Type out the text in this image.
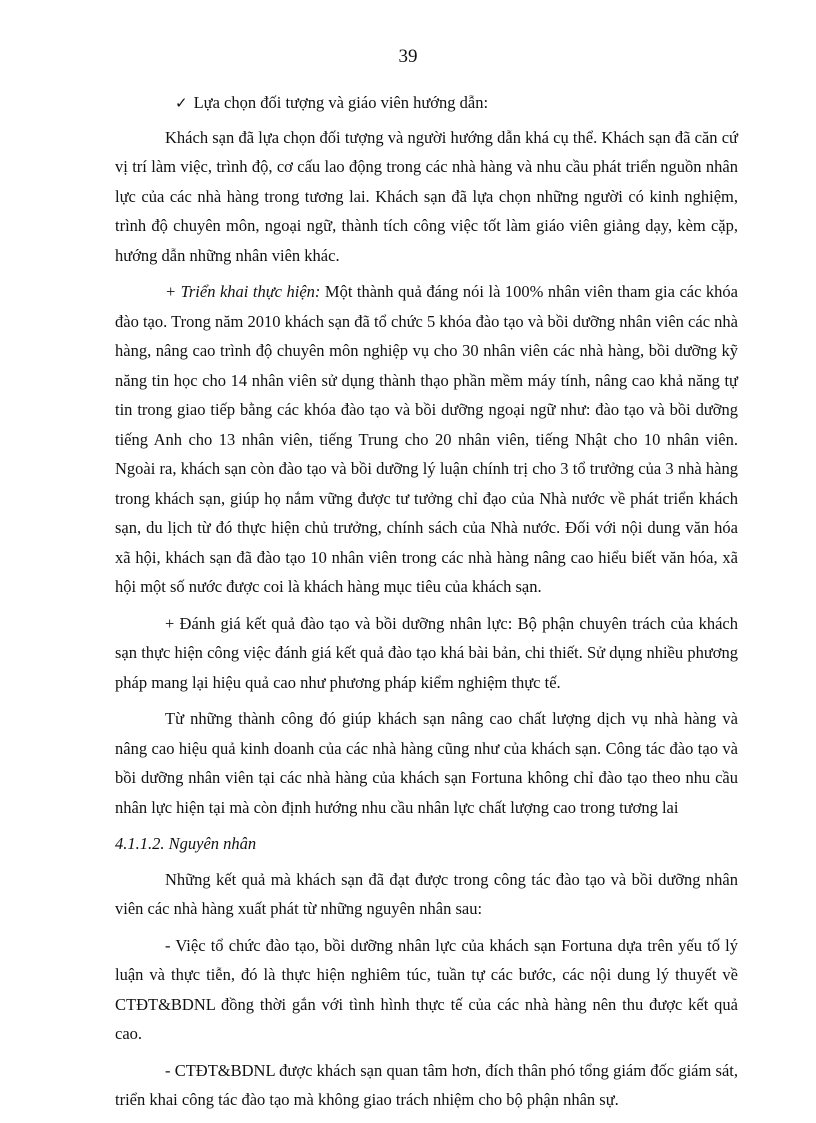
39
✓ Lựa chọn đối tượng và giáo viên hướng dẫn:

Khách sạn đã lựa chọn đối tượng và người hướng dẫn khá cụ thể. Khách sạn đã căn cứ vị trí làm việc, trình độ, cơ cấu lao động trong các nhà hàng và nhu cầu phát triển nguồn nhân lực của các nhà hàng trong tương lai. Khách sạn đã lựa chọn những người có kinh nghiệm, trình độ chuyên môn, ngoại ngữ, thành tích công việc tốt làm giáo viên giảng dạy, kèm cặp, hướng dẫn những nhân viên khác.

+ Triển khai thực hiện: Một thành quả đáng nói là 100% nhân viên tham gia các khóa đào tạo. Trong năm 2010 khách sạn đã tổ chức 5 khóa đào tạo và bồi dưỡng nhân viên các nhà hàng, nâng cao trình độ chuyên môn nghiệp vụ cho 30 nhân viên các nhà hàng, bồi dưỡng kỹ năng tin học cho 14 nhân viên sử dụng thành thạo phần mềm máy tính, nâng cao khả năng tự tin trong giao tiếp bằng các khóa đào tạo và bồi dưỡng ngoại ngữ như: đào tạo và bồi dưỡng tiếng Anh cho 13 nhân viên, tiếng Trung cho 20 nhân viên, tiếng Nhật cho 10 nhân viên. Ngoài ra, khách sạn còn đào tạo và bồi dưỡng lý luận chính trị cho 3 tổ trưởng của 3 nhà hàng trong khách sạn, giúp họ nắm vững được tư tưởng chỉ đạo của Nhà nước về phát triển khách sạn, du lịch từ đó thực hiện chủ trưởng, chính sách của Nhà nước. Đối với nội dung văn hóa xã hội, khách sạn đã đào tạo 10 nhân viên trong các nhà hàng nâng cao hiểu biết văn hóa, xã hội một số nước được coi là khách hàng mục tiêu của khách sạn.

+ Đánh giá kết quả đào tạo và bồi dưỡng nhân lực: Bộ phận chuyên trách của khách sạn thực hiện công việc đánh giá kết quả đào tạo khá bài bản, chi thiết. Sử dụng nhiều phương pháp mang lại hiệu quả cao như phương pháp kiểm nghiệm thực tế.

Từ những thành công đó giúp khách sạn nâng cao chất lượng dịch vụ nhà hàng và nâng cao hiệu quả kinh doanh của các nhà hàng cũng như của khách sạn. Công tác đào tạo và bồi dưỡng nhân viên tại các nhà hàng của khách sạn Fortuna không chỉ đào tạo theo nhu cầu nhân lực hiện tại mà còn định hướng nhu cầu nhân lực chất lượng cao trong tương lai

4.1.1.2. Nguyên nhân

Những kết quả mà khách sạn đã đạt được trong công tác đào tạo và bồi dưỡng nhân viên các nhà hàng xuất phát từ những nguyên nhân sau:

- Việc tổ chức đào tạo, bồi dưỡng nhân lực của khách sạn Fortuna dựa trên yếu tố lý luận và thực tiễn, đó là thực hiện nghiêm túc, tuần tự các bước, các nội dung lý thuyết về CTĐT&BDNL đồng thời gắn với tình hình thực tế của các nhà hàng nên thu được kết quả cao.

- CTĐT&BDNL được khách sạn quan tâm hơn, đích thân phó tổng giám đốc giám sát, triển khai công tác đào tạo mà không giao trách nhiệm cho bộ phận nhân sự.
